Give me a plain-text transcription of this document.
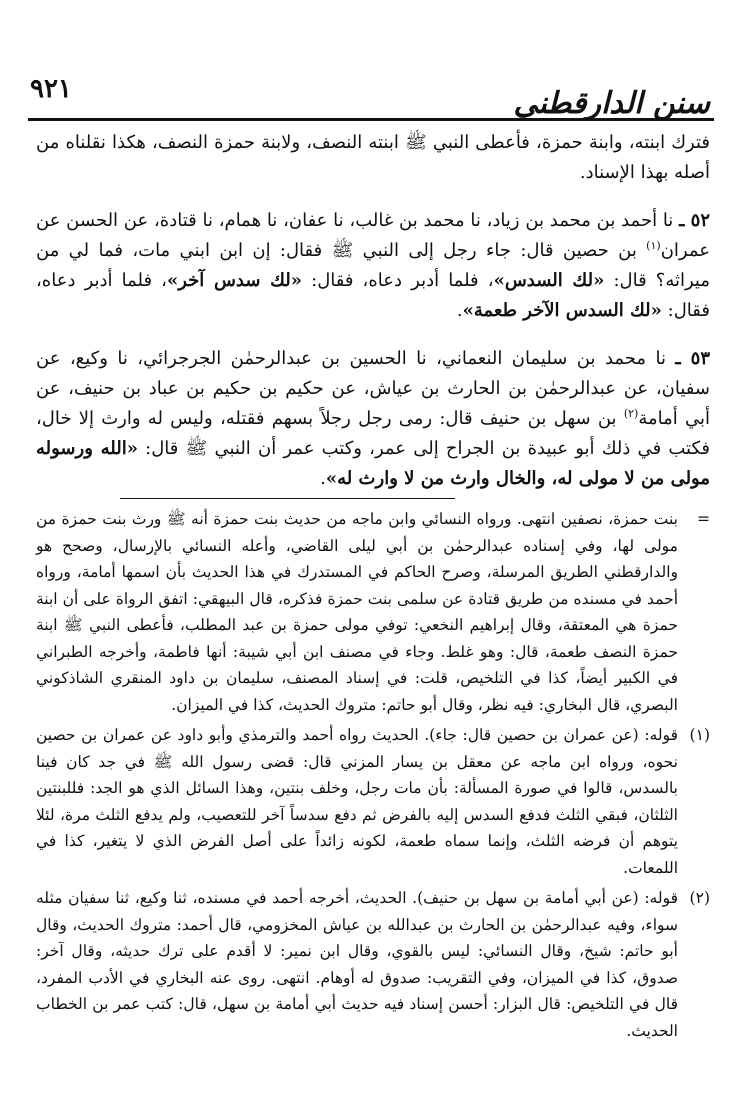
٩٢١	سنن الدارقطني

فترك ابنته، وابنة حمزة، فأعطى النبي ﷺ ابنته النصف، ولابنة حمزة النصف، هكذا نقلناه من أصله بهذا الإسناد.

٥٢ ـ نا أحمد بن محمد بن زياد، نا محمد بن غالب، نا عفان، نا همام، نا قتادة، عن الحسن عن عمران$^{(١)}$ بن حصين قال: جاء رجل إلى النبي ﷺ فقال: إن ابن ابني مات، فما لي من ميراثه؟ قال: «لك السدس»، فلما أدبر دعاه، فقال: «لك سدس آخر»، فلما أدبر دعاه، فقال: «لك السدس الآخر طعمة».

٥٣ ـ نا محمد بن سليمان النعماني، نا الحسين بن عبدالرحمٰن الجرجرائي، نا وكيع، عن سفيان، عن عبدالرحمٰن بن الحارث بن عياش، عن حكيم بن حكيم بن عباد بن حنيف، عن أبي أمامة$^{(٢)}$ بن سهل بن حنيف قال: رمى رجل رجلاً بسهم فقتله، وليس له وارث إلا خال، فكتب في ذلك أبو عبيدة بن الجراح إلى عمر، وكتب عمر أن النبي ﷺ قال: «الله ورسوله مولى من لا مولى له، والخال وارث من لا وارث له».

=
بنت حمزة، نصفين انتهى. ورواه النسائي وابن ماجه من حديث بنت حمزة أنه ﷺ ورث بنت حمزة من مولى لها، وفي إسناده عبدالرحمٰن بن أبي ليلى القاضي، وأعله النسائي بالإرسال، وصحح هو والدارقطني الطريق المرسلة، وصرح الحاكم في المستدرك في هذا الحديث بأن اسمها أمامة، ورواه أحمد في مسنده من طريق قتادة عن سلمى بنت حمزة فذكره، قال البيهقي: اتفق الرواة على أن ابنة حمزة هي المعتقة، وقال إبراهيم النخعي: توفي مولى حمزة بن عبد المطلب، فأعطى النبي ﷺ ابنة حمزة النصف طعمة، قال: وهو غلط. وجاء في مصنف ابن أبي شيبة: أنها فاطمة، وأخرجه الطبراني في الكبير أيضاً، كذا في التلخيص، قلت: في إسناد المصنف، سليمان بن داود المنقري الشاذكوني البصري، قال البخاري: فيه نظر، وقال أبو حاتم: متروك الحديث، كذا في الميزان.

(١)
قوله: (عن عمران بن حصين قال: جاء). الحديث رواه أحمد والترمذي وأبو داود عن عمران بن حصين نحوه، ورواه ابن ماجه عن معقل بن يسار المزني قال: قضى رسول الله ﷺ في جد كان فينا بالسدس، قالوا في صورة المسألة: بأن مات رجل، وخلف بنتين، وهذا السائل الذي هو الجد: فللبنتين الثلثان، فبقي الثلث فدفع السدس إليه بالفرض ثم دفع سدساً آخر للتعصيب، ولم يدفع الثلث مرة، لئلا يتوهم أن فرضه الثلث، وإنما سماه طعمة، لكونه زائداً على أصل الفرض الذي لا يتغير، كذا في اللمعات.

(٢)
قوله: (عن أبي أمامة بن سهل بن حنيف). الحديث، أخرجه أحمد في مسنده، ثنا وكيع، ثنا سفيان مثله سواء، وفيه عبدالرحمٰن بن الحارث بن عبدالله بن عياش المخزومي، قال أحمد: متروك الحديث، وقال أبو حاتم: شيخ، وقال النسائي: ليس بالقوي، وقال ابن نمير: لا أقدم على ترك حديثه، وقال آخر: صدوق، كذا في الميزان، وفي التقريب: صدوق له أوهام. انتهى. روى عنه البخاري في الأدب المفرد، قال في التلخيص: قال البزار: أحسن إسناد فيه حديث أبي أمامة بن سهل، قال: كتب عمر بن الخطاب الحديث.
